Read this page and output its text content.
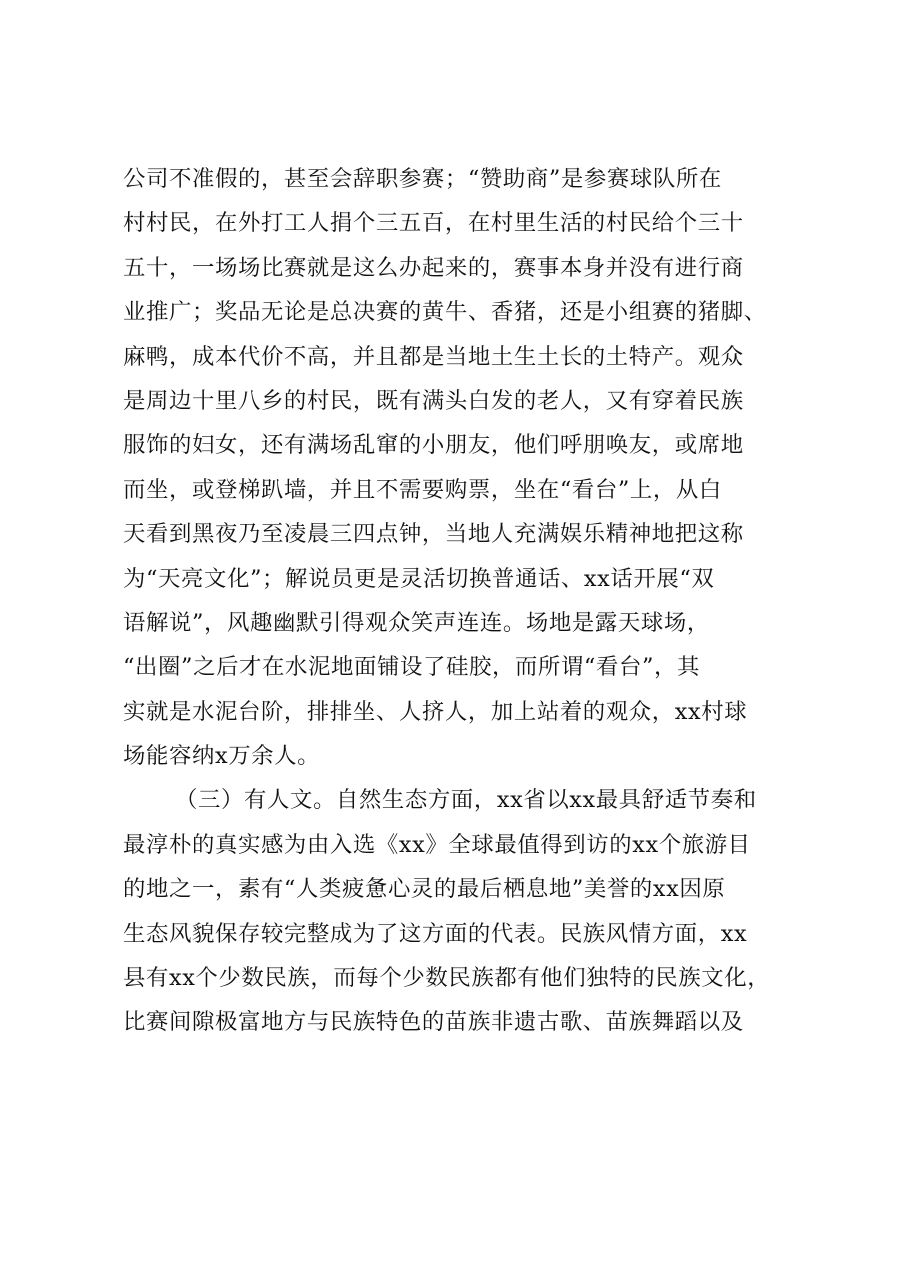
公司不准假的，甚至会辞职参赛；“赞助商”是参赛球队所在
村村民，在外打工人捐个三五百，在村里生活的村民给个三十
五十，一场场比赛就是这么办起来的，赛事本身并没有进行商
业推广；奖品无论是总决赛的黄牛、香猪，还是小组赛的猪脚、
麻鸭，成本代价不高，并且都是当地土生土长的土特产。观众
是周边十里八乡的村民，既有满头白发的老人，又有穿着民族
服饰的妇女，还有满场乱窜的小朋友，他们呼朋唤友，或席地
而坐，或登梯趴墙，并且不需要购票，坐在“看台”上，从白
天看到黑夜乃至凌晨三四点钟，当地人充满娱乐精神地把这称
为“天亮文化”；解说员更是灵活切换普通话、xx话开展“双
语解说”，风趣幽默引得观众笑声连连。场地是露天球场，
“出圈”之后才在水泥地面铺设了硅胶，而所谓“看台”，其
实就是水泥台阶，排排坐、人挤人，加上站着的观众，xx村球
场能容纳x万余人。
（三）有人文。自然生态方面，xx省以xx最具舒适节奏和
最淳朴的真实感为由入选《xx》全球最值得到访的xx个旅游目
的地之一，素有“人类疲惫心灵的最后栖息地”美誉的xx因原
生态风貌保存较完整成为了这方面的代表。民族风情方面，xx
县有xx个少数民族，而每个少数民族都有他们独特的民族文化，
比赛间隙极富地方与民族特色的苗族非遗古歌、苗族舞蹈以及
